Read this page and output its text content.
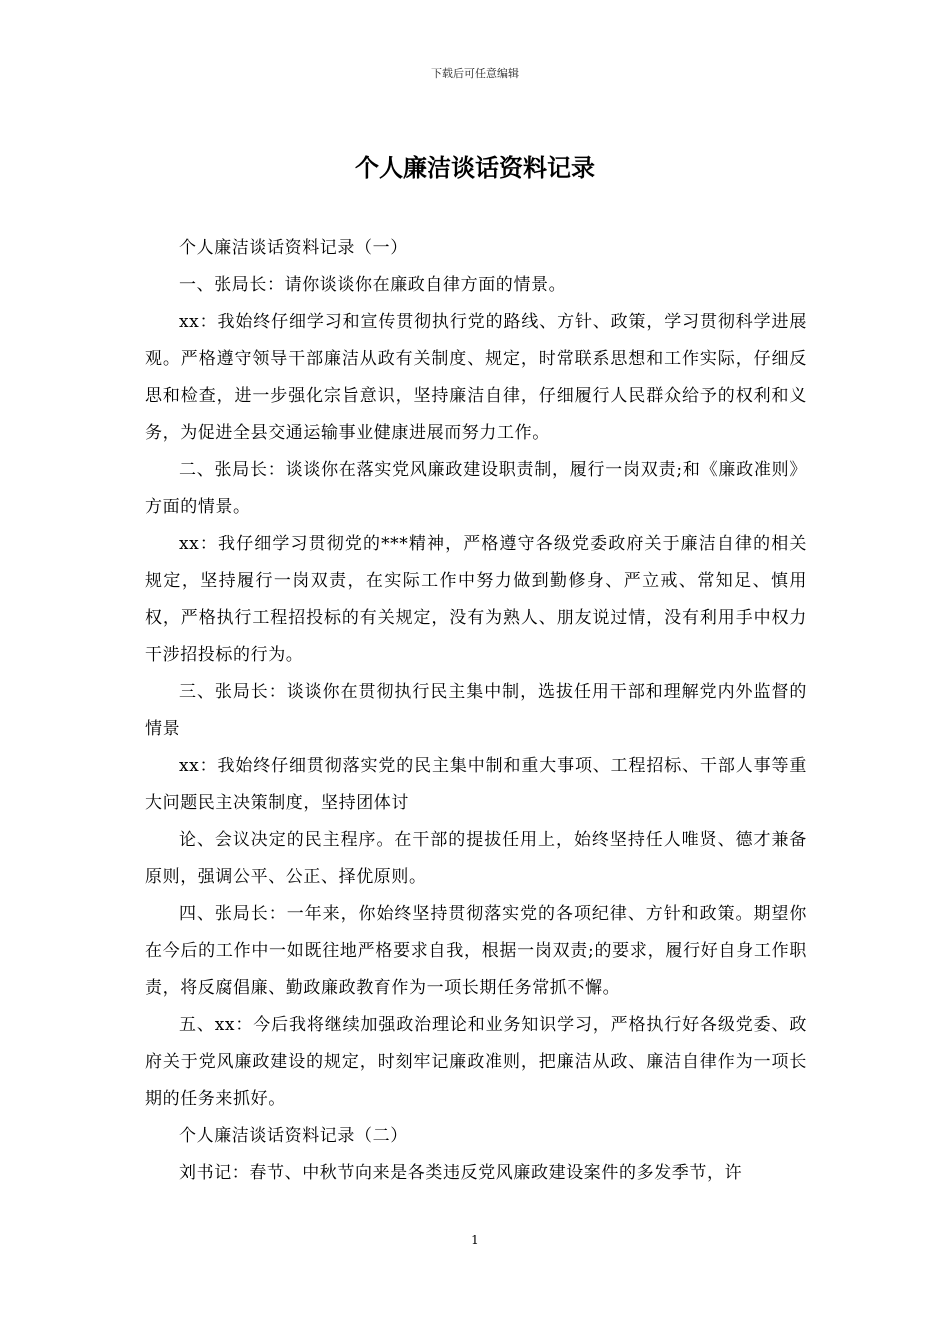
下载后可任意编辑
个人廉洁谈话资料记录

个人廉洁谈话资料记录（一）

一、张局长：请你谈谈你在廉政自律方面的情景。

xx：我始终仔细学习和宣传贯彻执行党的路线、方针、政策，学习贯彻科学进展观。严格遵守领导干部廉洁从政有关制度、规定，时常联系思想和工作实际，仔细反思和检查，进一步强化宗旨意识，坚持廉洁自律，仔细履行人民群众给予的权利和义务，为促进全县交通运输事业健康进展而努力工作。

二、张局长：谈谈你在落实党风廉政建设职责制，履行一岗双责;和《廉政准则》方面的情景。

xx：我仔细学习贯彻党的***精神，严格遵守各级党委政府关于廉洁自律的相关规定，坚持履行一岗双责，在实际工作中努力做到勤修身、严立戒、常知足、慎用权，严格执行工程招投标的有关规定，没有为熟人、朋友说过情，没有利用手中权力干涉招投标的行为。

三、张局长：谈谈你在贯彻执行民主集中制，选拔任用干部和理解党内外监督的情景

xx：我始终仔细贯彻落实党的民主集中制和重大事项、工程招标、干部人事等重大问题民主决策制度，坚持团体讨

论、会议决定的民主程序。在干部的提拔任用上，始终坚持任人唯贤、德才兼备原则，强调公平、公正、择优原则。

四、张局长：一年来，你始终坚持贯彻落实党的各项纪律、方针和政策。期望你在今后的工作中一如既往地严格要求自我，根据一岗双责;的要求，履行好自身工作职责，将反腐倡廉、勤政廉政教育作为一项长期任务常抓不懈。

五、xx：今后我将继续加强政治理论和业务知识学习，严格执行好各级党委、政府关于党风廉政建设的规定，时刻牢记廉政准则，把廉洁从政、廉洁自律作为一项长期的任务来抓好。

个人廉洁谈话资料记录（二）

刘书记：春节、中秋节向来是各类违反党风廉政建设案件的多发季节，许

1
